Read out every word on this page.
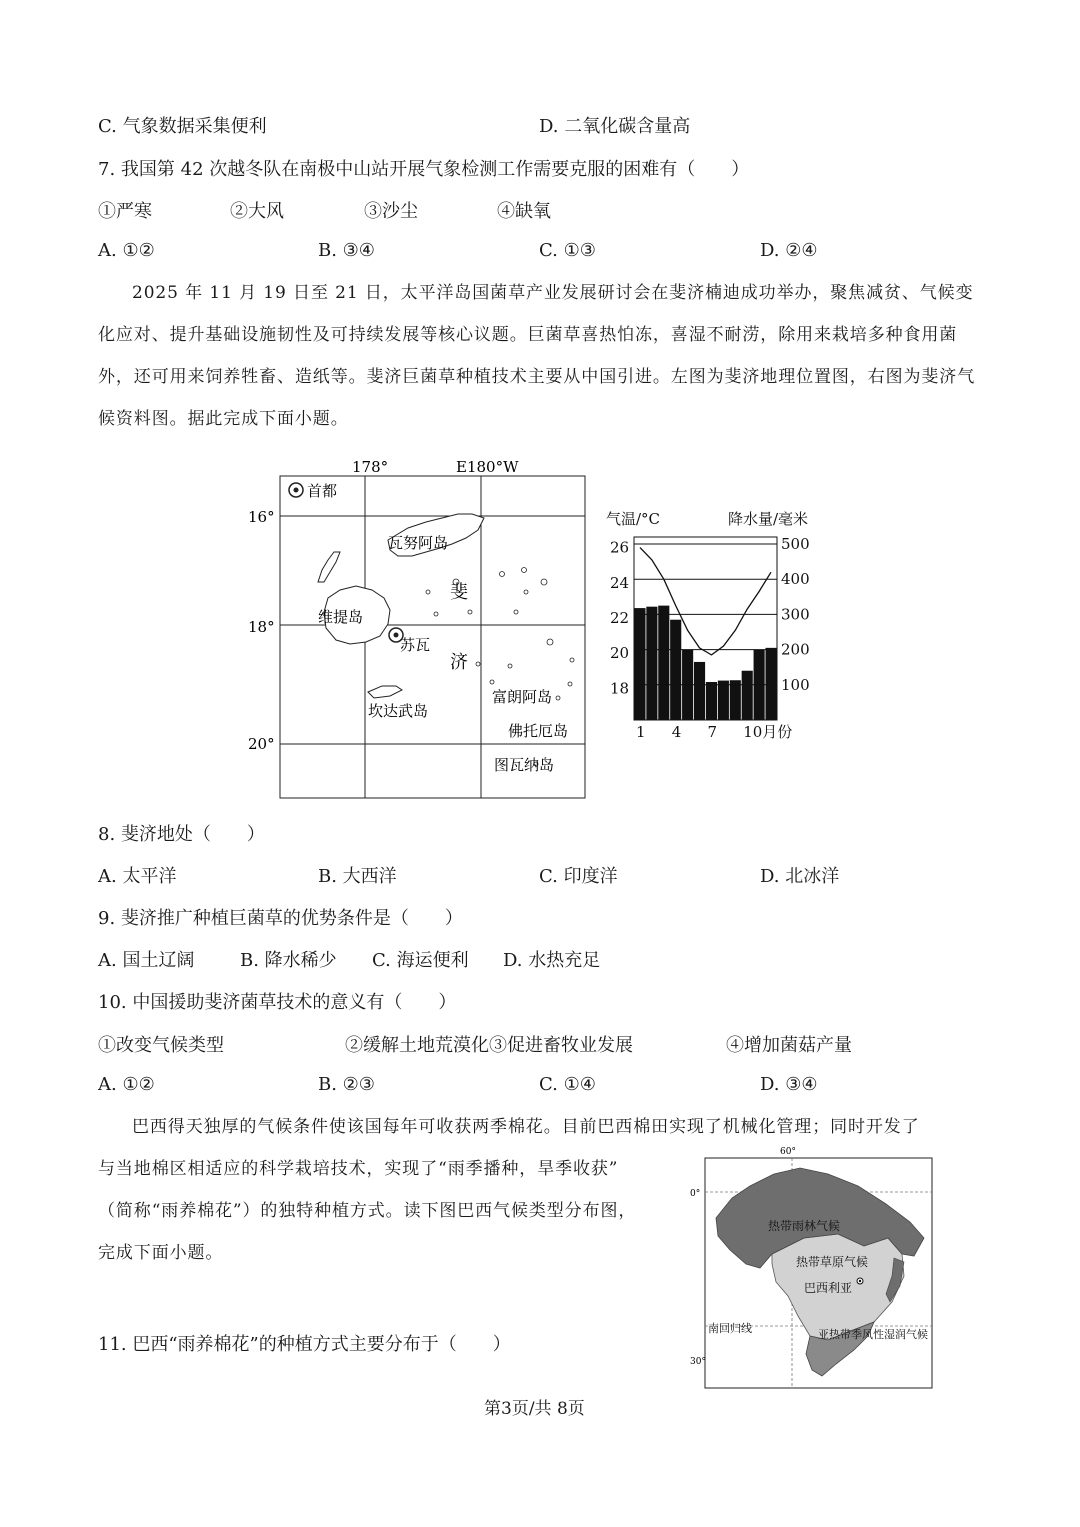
C. 气象数据采集便利	D. 二氧化碳含量高
7. 我国第 42 次越冬队在南极中山站开展气象检测工作需要克服的困难有（　　）
①严寒	②大风	③沙尘	④缺氧
A. ①②	B. ③④	C. ①③	D. ②④
2025 年 11 月 19 日至 21 日，太平洋岛国菌草产业发展研讨会在斐济楠迪成功举办，聚焦减贫、气候变化应对、提升基础设施韧性及可持续发展等核心议题。巨菌草喜热怕冻，喜湿不耐涝，除用来栽培多种食用菌外，还可用来饲养牲畜、造纸等。斐济巨菌草种植技术主要从中国引进。左图为斐济地理位置图，右图为斐济气候资料图。据此完成下面小题。
178°	E180°W
16°
18°
20°
首都
瓦努阿岛
斐
济
维提岛
苏瓦
坎达武岛
富朗阿岛
佛托厄岛
图瓦纳岛
26
24
22
20
18
500
400
300
200
100
1 4 7 10月份
气温/°C	降水量/毫米
8. 斐济地处（　　）
A. 太平洋	B. 大西洋	C. 印度洋	D. 北冰洋
9. 斐济推广种植巨菌草的优势条件是（　　）
A. 国土辽阔	B. 降水稀少 C. 海运便利 D. 水热充足
10. 中国援助斐济菌草技术的意义有（　　）
①改变气候类型	②缓解土地荒漠化③促进畜牧业发展	④增加菌菇产量
A. ①②	B. ②③	C. ①④	D. ③④
巴西得天独厚的气候条件使该国每年可收获两季棉花。目前巴西棉田实现了机械化管理；同时开发了
与当地棉区相适应的科学栽培技术，实现了“雨季播种，旱季收获”
（简称“雨养棉花”）的独特种植方式。读下图巴西气候类型分布图，
完成下面小题。
60°
0°
30°
热带雨林气候
热带草原气候
巴西利亚
南回归线	亚热带季风性湿润气候
11. 巴西“雨养棉花”的种植方式主要分布于（　　）
第3页/共 8页
